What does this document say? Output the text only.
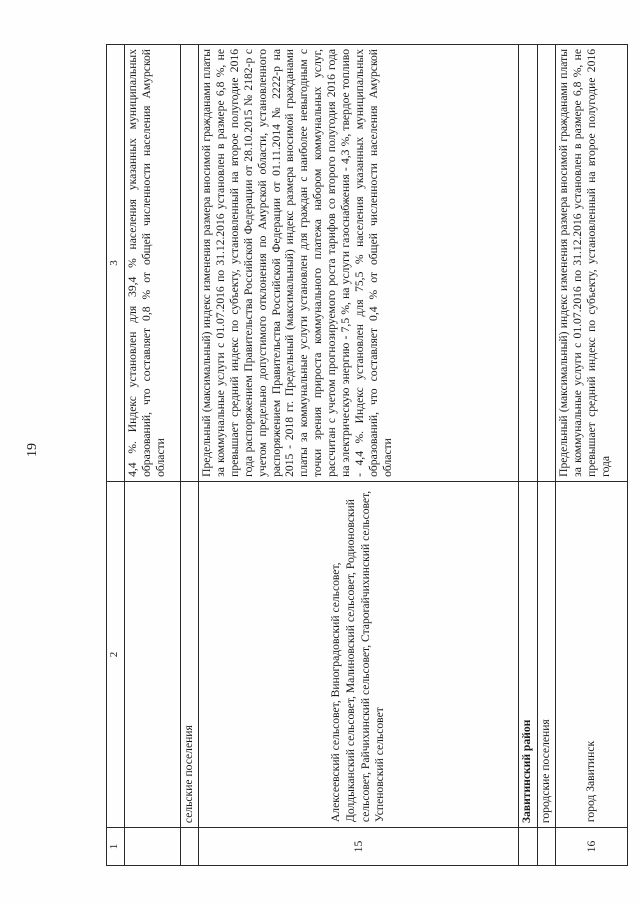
19
1	2	3
		4,4 %. Индекс установлен для 39,4 % населения указанных муниципальных образований, что составляет 0,8 % от общей численности населения Амурской области
	сельские поселения	
15	Алексеевский сельсовет, Виноградовский сельсовет, Долдыканский сельсовет, Малиновский сельсовет, Родионовский сельсовет, Райчихинский сельсовет, Староraйчихинский сельсовет, Успеновский сельсовет	Предельный (максимальный) индекс изменения размера вносимой гражданами платы за коммунальные услуги с 01.07.2016 по 31.12.2016 установлен в размере 6,8 %, не превышает средний индекс по субъекту, установленный на второе полугодие 2016 года распоряжением Правительства Российской Федерации от 28.10.2015 № 2182-р с учетом предельно допустимого отклонения по Амурской области, установленного распоряжением Правительства Российской Федерации от 01.11.2014 № 2222-р на 2015 - 2018 гг. Предельный (максимальный) индекс размера вносимой гражданами платы за коммунальные услуги установлен для граждан с наиболее невыгодным с точки зрения прироста коммунального платежа набором коммунальных услуг, рассчитан с учетом прогнозируемого роста тарифов со второго полугодия 2016 года на электрическую энергию - 7,5 %, на услуги газоснабжения - 4,3 %, твердое топливо - 4,4 %. Индекс установлен для 75,5 % населения указанных муниципальных образований, что составляет 0,4 % от общей численности населения Амурской области
	Завитинский район	
	городские поселения	
16	город Завитинск	Предельный (максимальный) индекс изменения размера вносимой гражданами платы за коммунальные услуги с 01.07.2016 по 31.12.2016 установлен в размере 6,8 %, не превышает средний индекс по субъекту, установленный на второе полугодие 2016 года
